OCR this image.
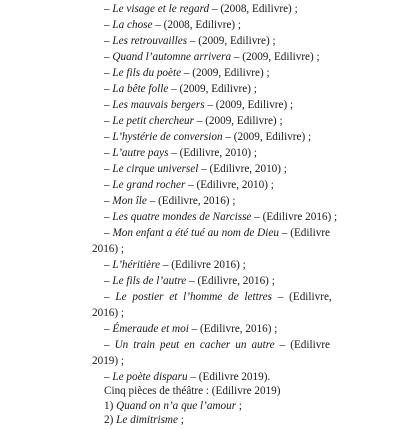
– Le visage et le regard – (2008, Edilivre) ;
– La chose – (2008, Edilivre) ;
– Les retrouvailles – (2009, Edilivre) ;
– Quand l’automne arrivera – (2009, Edilivre) ;
– Le fils du poète – (2009, Edilivre) ;
– La bête folle – (2009, Edilivre) ;
– Les mauvais bergers – (2009, Edilivre) ;
– Le petit chercheur – (2009, Edilivre) ;
– L’hystérie de conversion – (2009, Edilivre) ;
– L’autre pays – (Edilivre, 2010) ;
– Le cirque universel – (Edilivre, 2010) ;
– Le grand rocher – (Edilivre, 2010) ;
– Mon île – (Edilivre, 2016) ;
– Les quatre mondes de Narcisse – (Edilivre 2016) ;
– Mon enfant a été tué au nom de Dieu – (Edilivre
2016) ;
– L’héritière – (Edilivre 2016) ;
– Le fils de l’autre – (Edilivre, 2016) ;
– Le postier et l’homme de lettres – (Edilivre,
2016) ;
– Émeraude et moi – (Edilivre, 2016) ;
– Un train peut en cacher un autre – (Edilivre
2019) ;
– Le poète disparu – (Edilivre 2019).
Cinq pièces de théâtre : (Edilivre 2019)
1) Quand on n’a que l’amour ;
2) Le dimitrisme ;
